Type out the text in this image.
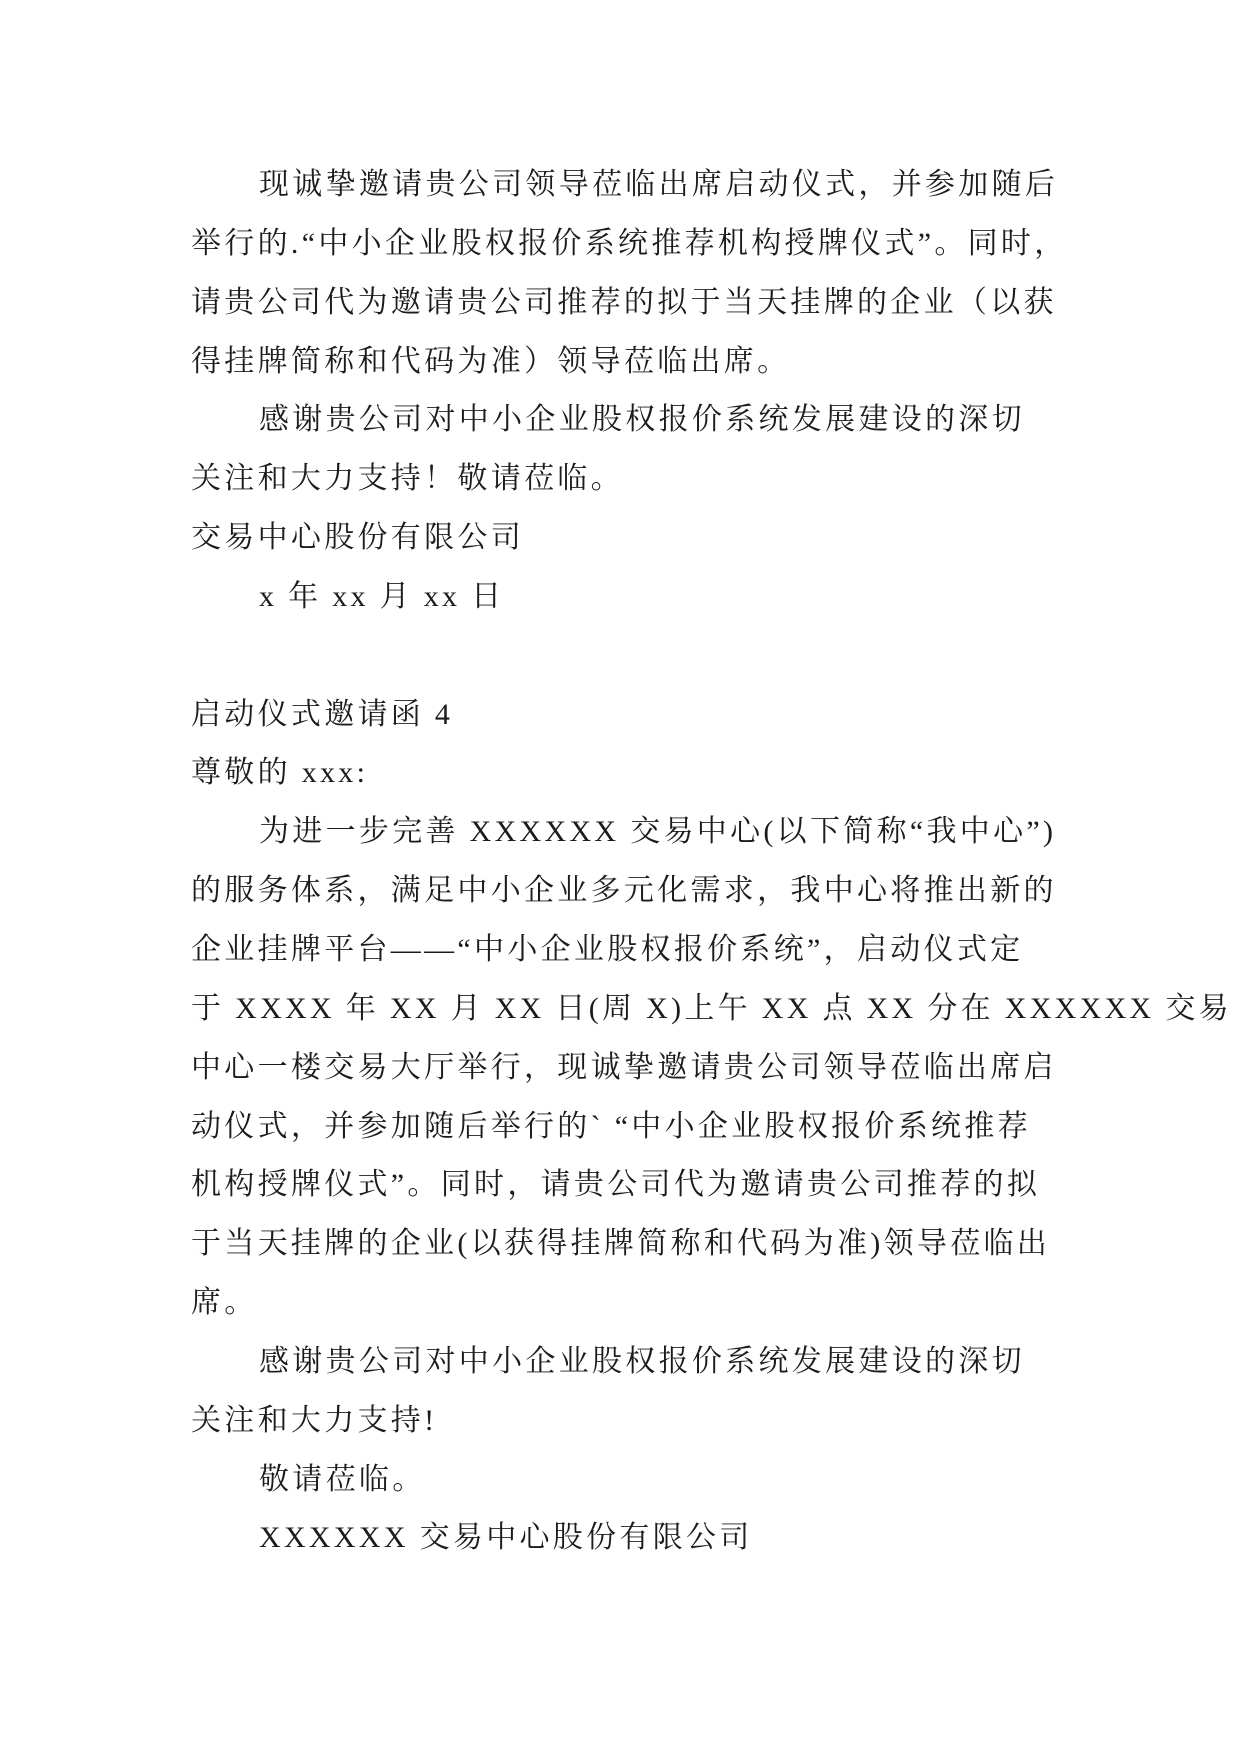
现诚挚邀请贵公司领导莅临出席启动仪式，并参加随后
举行的.“中小企业股权报价系统推荐机构授牌仪式”。同时，
请贵公司代为邀请贵公司推荐的拟于当天挂牌的企业（以获
得挂牌简称和代码为准）领导莅临出席。
感谢贵公司对中小企业股权报价系统发展建设的深切
关注和大力支持！敬请莅临。
交易中心股份有限公司
x 年 xx 月 xx 日
启动仪式邀请函 4
尊敬的 xxx:
为进一步完善 XXXXXX 交易中心(以下简称“我中心”)
的服务体系，满足中小企业多元化需求，我中心将推出新的
企业挂牌平台——“中小企业股权报价系统”，启动仪式定
于 XXXX 年 XX 月 XX 日(周 X)上午 XX 点 XX 分在 XXXXXX 交易
中心一楼交易大厅举行，现诚挚邀请贵公司领导莅临出席启
动仪式，并参加随后举行的` “中小企业股权报价系统推荐
机构授牌仪式”。同时，请贵公司代为邀请贵公司推荐的拟
于当天挂牌的企业(以获得挂牌简称和代码为准)领导莅临出
席。
感谢贵公司对中小企业股权报价系统发展建设的深切
关注和大力支持!
敬请莅临。
XXXXXX 交易中心股份有限公司
